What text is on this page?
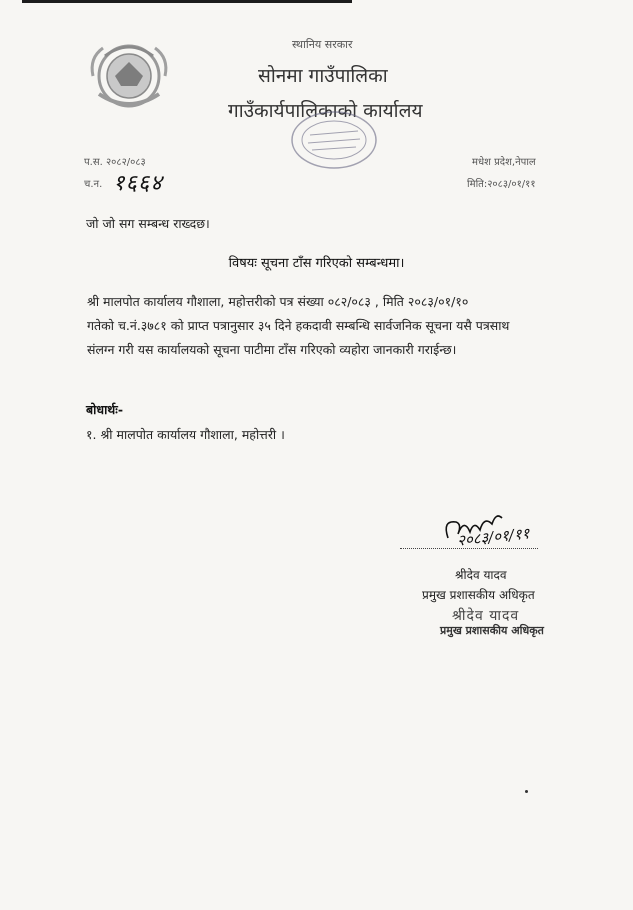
स्थानिय सरकार
सोनमा गाउँपालिका
गाउँकार्यपालिकाको कार्यालय
प.स. २०८२/०८३
च.न. १६६४
मधेश प्रदेश,नेपाल
मिति:२०८३/०१/११
जो जो सग सम्बन्ध राख्दछ।
विषयः सूचना टाँस गरिएको सम्बन्धमा।
श्री मालपोत कार्यालय गौशाला, महोत्तरीको पत्र संख्या ०८२/०८३ , मिति २०८३/०१/१०
गतेको च.नं.३७८१ को प्राप्त पत्रानुसार ३५ दिने हकदावी सम्बन्धि सार्वजनिक सूचना यसै पत्रसाथ
संलग्न गरी यस कार्यालयको सूचना पाटीमा टाँस गरिएको व्यहोरा जानकारी गराईन्छ।
बोधार्थः-
१. श्री मालपोत कार्यालय गौशाला, महोत्तरी ।
२०८३/०१/११
श्रीदेव यादव
प्रमुख प्रशासकीय अधिकृत
श्रीदेव यादव
प्रमुख प्रशासकीय अधिकृत
